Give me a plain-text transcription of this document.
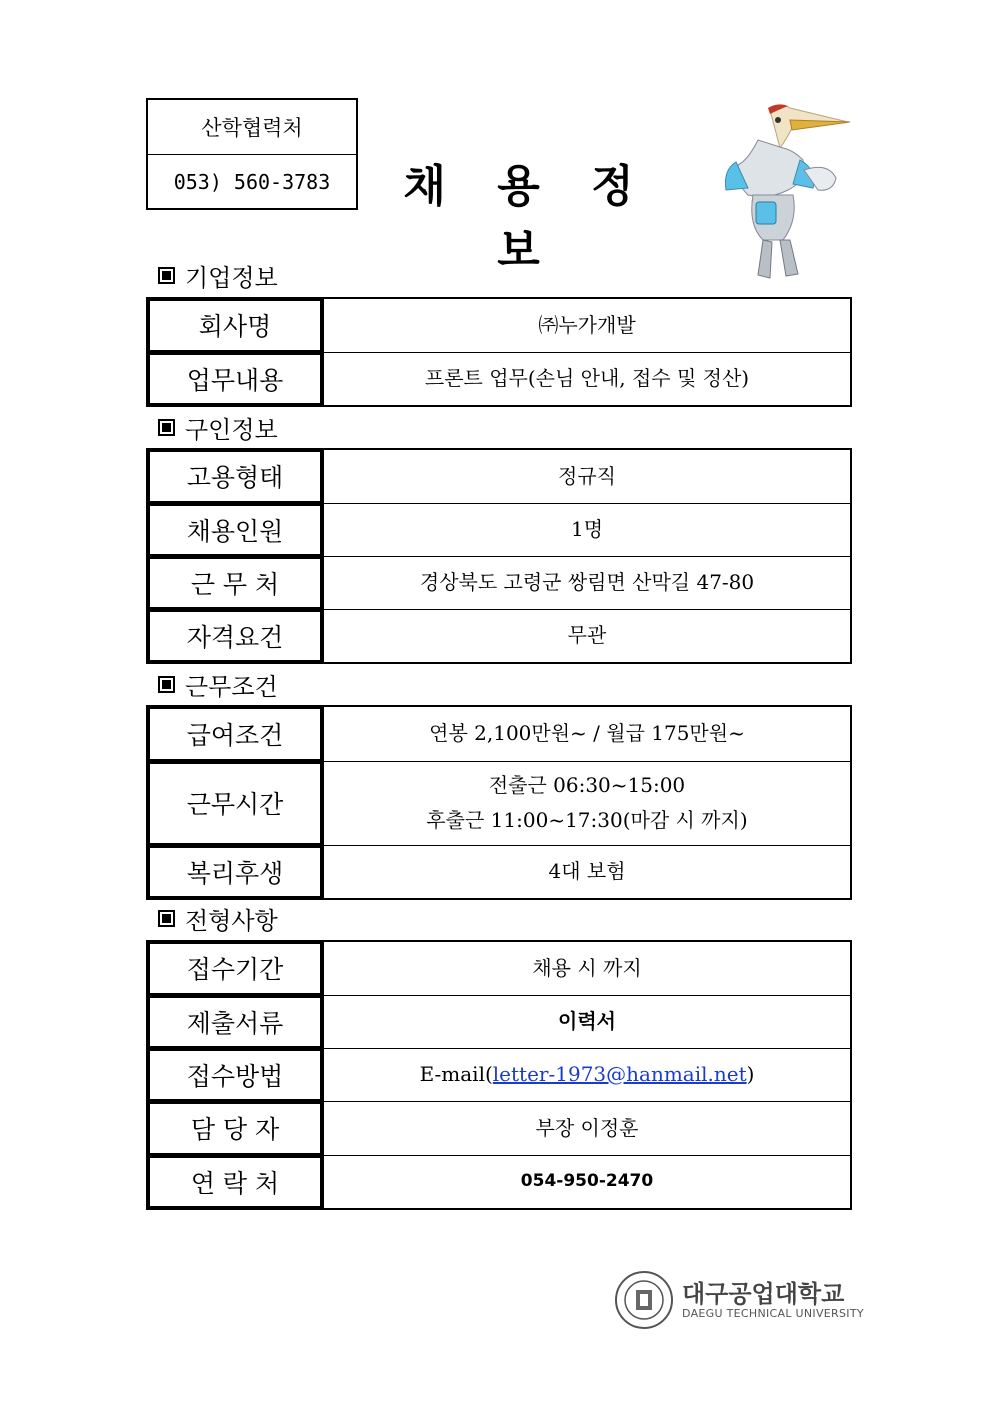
산학협력처
053) 560-3783	채 용 정 보
기업정보
회사명	㈜누가개발
업무내용	프론트 업무(손님 안내, 접수 및 정산)
구인정보
고용형태	정규직
채용인원	1명
근 무 처	경상북도 고령군 쌍림면 산막길 47-80
자격요건	무관
근무조건
급여조건	연봉 2,100만원~ / 월급 175만원~
근무시간	전출근 06:30~15:00
후출근 11:00~17:30(마감 시 까지)

복리후생	4대 보험
전형사항
접수기간	채용 시 까지
제출서류	이력서
접수방법	E-mail(letter-1973@hanmail.net)
담 당 자	부장 이정훈
연 락 처	054-950-2470
대구공업대학교
DAEGU TECHNICAL UNIVERSITY
